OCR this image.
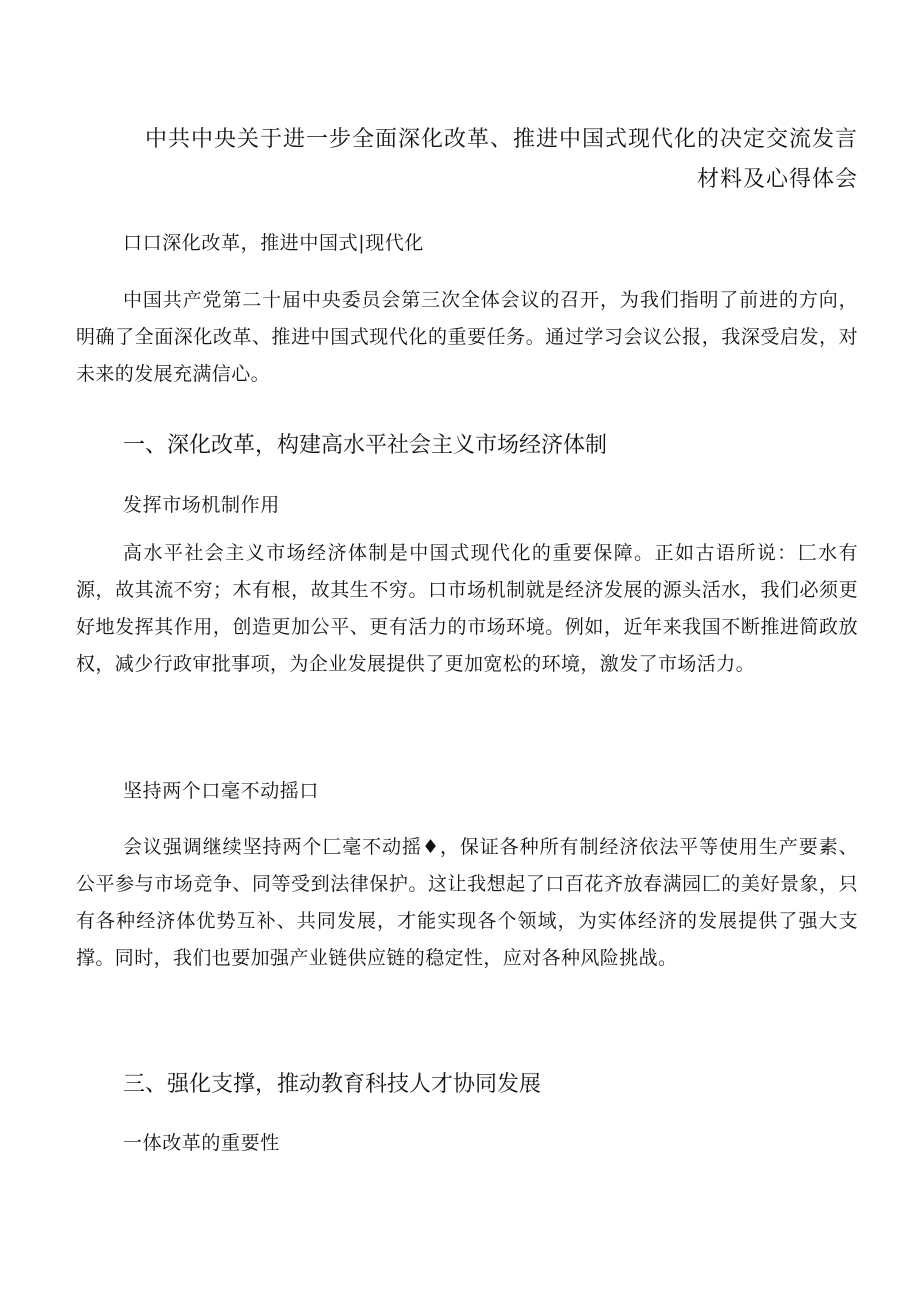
中共中央关于进一步全面深化改革、推进中国式现代化的决定交流发言
材料及心得体会
口口深化改革，推进中国式|现代化
中国共产党第二十届中央委员会第三次全体会议的召开，为我们指明了前进的方向，明确了全面深化改革、推进中国式现代化的重要任务。通过学习会议公报，我深受启发，对未来的发展充满信心。
一、深化改革，构建高水平社会主义市场经济体制
发挥市场机制作用
高水平社会主义市场经济体制是中国式现代化的重要保障。正如古语所说：匚水有源，故其流不穷；木有根，故其生不穷。口市场机制就是经济发展的源头活水，我们必须更好地发挥其作用，创造更加公平、更有活力的市场环境。例如，近年来我国不断推进简政放权，减少行政审批事项，为企业发展提供了更加宽松的环境，激发了市场活力。
坚持两个口毫不动摇口
会议强调继续坚持两个匚毫不动摇♦，保证各种所有制经济依法平等使用生产要素、公平参与市场竞争、同等受到法律保护。这让我想起了口百花齐放春满园匚的美好景象，只有各种经济体优势互补、共同发展，才能实现各个领域，为实体经济的发展提供了强大支撑。同时，我们也要加强产业链供应链的稳定性，应对各种风险挑战。
三、强化支撑，推动教育科技人才协同发展
一体改革的重要性
